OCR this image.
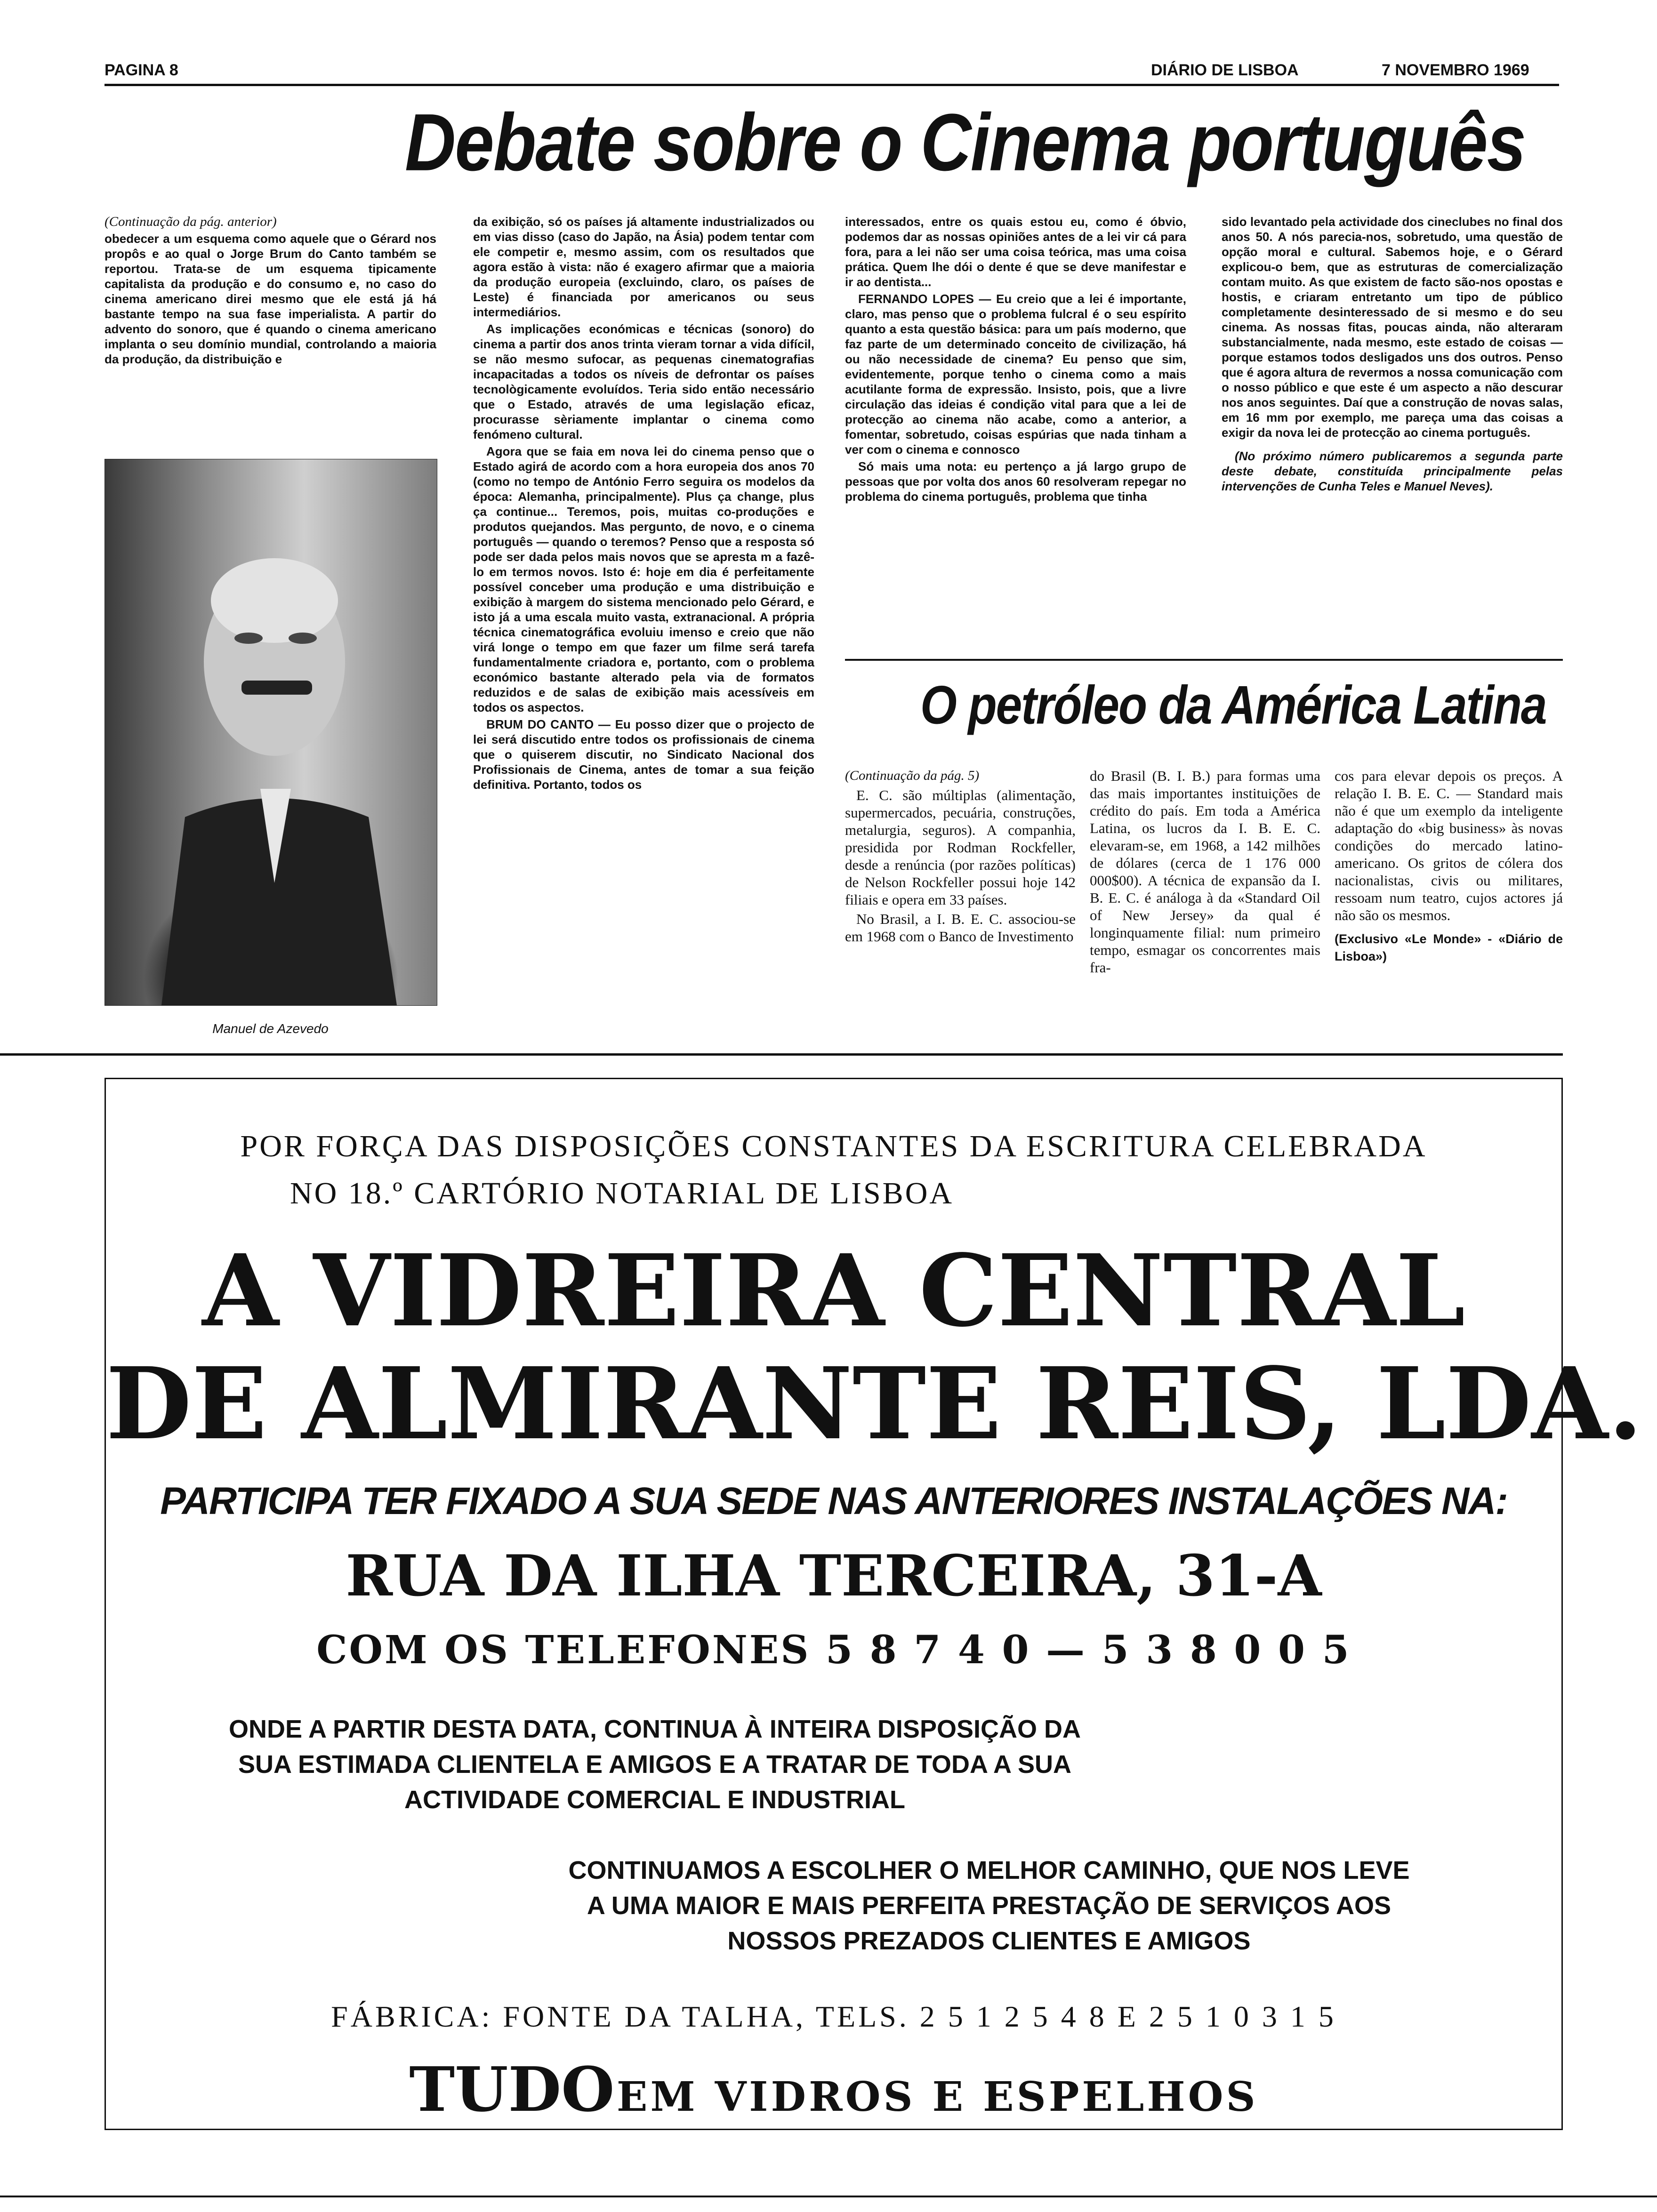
PAGINA 8	DIÁRIO DE LISBOA	7 NOVEMBRO 1969
Debate sobre o Cinema português

(Continuação da pág. anterior)

obedecer a um esquema como aquele que o Gérard nos propôs e ao qual o Jorge Brum do Canto também se reportou. Trata-se de um esquema tipicamente capitalista da produção e do consumo e, no caso do cinema americano direi mesmo que ele está já há bastante tempo na sua fase imperialista. A partir do advento do sonoro, que é quando o cinema americano implanta o seu domínio mundial, controlando a maioria da produção, da distribuição e

Manuel de Azevedo

da exibição, só os países já altamente industrializados ou em vias disso (caso do Japão, na Ásia) podem tentar com ele competir e, mesmo assim, com os resultados que agora estão à vista: não é exagero afirmar que a maioria da produção europeia (excluindo, claro, os países de Leste) é financiada por americanos ou seus intermediários.

As implicações económicas e técnicas (sonoro) do cinema a partir dos anos trinta vieram tornar a vida difícil, se não mesmo sufocar, as pequenas cinematografias incapacitadas a todos os níveis de defrontar os países tecnològicamente evoluídos. Teria sido então necessário que o Estado, através de uma legislação eficaz, procurasse sèriamente implantar o cinema como fenómeno cultural.

Agora que se faia em nova lei do cinema penso que o Estado agirá de acordo com a hora europeia dos anos 70 (como no tempo de António Ferro seguira os modelos da época: Alemanha, principalmente). Plus ça change, plus ça continue... Teremos, pois, muitas co-produções e produtos quejandos. Mas pergunto, de novo, e o cinema português — quando o teremos? Penso que a resposta só pode ser dada pelos mais novos que se apresta m a fazê-lo em termos novos. Isto é: hoje em dia é perfeitamente possível conceber uma produção e uma distribuição e exibição à margem do sistema mencionado pelo Gérard, e isto já a uma escala muito vasta, extranacional. A própria técnica cinematográfica evoluiu imenso e creio que não virá longe o tempo em que fazer um filme será tarefa fundamentalmente criadora e, portanto, com o problema económico bastante alterado pela via de formatos reduzidos e de salas de exibição mais acessíveis em todos os aspectos.

BRUM DO CANTO — Eu posso dizer que o projecto de lei será discutido entre todos os profissionais de cinema que o quiserem discutir, no Sindicato Nacional dos Profissionais de Cinema, antes de tomar a sua feição definitiva. Portanto, todos os

interessados, entre os quais estou eu, como é óbvio, podemos dar as nossas opiniões antes de a lei vir cá para fora, para a lei não ser uma coisa teórica, mas uma coisa prática. Quem lhe dói o dente é que se deve manifestar e ir ao dentista...

FERNANDO LOPES — Eu creio que a lei é importante, claro, mas penso que o problema fulcral é o seu espírito quanto a esta questão básica: para um país moderno, que faz parte de um determinado conceito de civilização, há ou não necessidade de cinema? Eu penso que sim, evidentemente, porque tenho o cinema como a mais acutilante forma de expressão. Insisto, pois, que a livre circulação das ideias é condição vital para que a lei de protecção ao cinema não acabe, como a anterior, a fomentar, sobretudo, coisas espúrias que nada tinham a ver com o cinema e connosco

Só mais uma nota: eu pertenço a já largo grupo de pessoas que por volta dos anos 60 resolveram repegar no problema do cinema português, problema que tinha

sido levantado pela actividade dos cineclubes no final dos anos 50. A nós parecia-nos, sobretudo, uma questão de opção moral e cultural. Sabemos hoje, e o Gérard explicou-o bem, que as estruturas de comercialização contam muito. As que existem de facto são-nos opostas e hostis, e criaram entretanto um tipo de público completamente desinteressado de si mesmo e do seu cinema. As nossas fitas, poucas ainda, não alteraram substancialmente, nada mesmo, este estado de coisas — porque estamos todos desligados uns dos outros. Penso que é agora altura de revermos a nossa comunicação com o nosso público e que este é um aspecto a não descurar nos anos seguintes. Daí que a construção de novas salas, em 16 mm por exemplo, me pareça uma das coisas a exigir da nova lei de protecção ao cinema português.

(No próximo número publicaremos a segunda parte deste debate, constituída principalmente pelas intervenções de Cunha Teles e Manuel Neves).

O petróleo da América Latina

(Continuação da pág. 5)

E. C. são múltiplas (alimentação, supermercados, pecuária, construções, metalurgia, seguros). A companhia, presidida por Rodman Rockfeller, desde a renúncia (por razões políticas) de Nelson Rockfeller possui hoje 142 filiais e opera em 33 países.

No Brasil, a I. B. E. C. associou-se em 1968 com o Banco de Investimento

do Brasil (B. I. B.) para formas uma das mais importantes instituições de crédito do país. Em toda a América Latina, os lucros da I. B. E. C. elevaram-se, em 1968, a 142 milhões de dólares (cerca de 1 176 000 000$00). A técnica de expansão da I. B. E. C. é análoga à da «Standard Oil of New Jersey» da qual é longinquamente filial: num primeiro tempo, esmagar os concorrentes mais fra-

cos para elevar depois os preços. A relação I. B. E. C. — Standard mais não é que um exemplo da inteligente adaptação do «big business» às novas condições do mercado latino-americano. Os gritos de cólera dos nacionalistas, civis ou militares, ressoam num teatro, cujos actores já não são os mesmos.

(Exclusivo «Le Monde» - «Diário de Lisboa»)

POR FORÇA DAS DISPOSIÇÕES CONSTANTES DA ESCRITURA CELEBRADA
NO 18.º CARTÓRIO NOTARIAL DE LISBOA
A VIDREIRA CENTRAL
DE ALMIRANTE REIS, LDA.
PARTICIPA TER FIXADO A SUA SEDE NAS ANTERIORES INSTALAÇÕES NA:
RUA DA ILHA TERCEIRA, 31-A
COM OS TELEFONES 5 8 7 4 0 — 5 3 8 0 0 5
ONDE A PARTIR DESTA DATA, CONTINUA À INTEIRA DISPOSIÇÃO DA
SUA ESTIMADA CLIENTELA E AMIGOS E A TRATAR DE TODA A SUA
ACTIVIDADE COMERCIAL E INDUSTRIAL
CONTINUAMOS A ESCOLHER O MELHOR CAMINHO, QUE NOS LEVE
A UMA MAIOR E MAIS PERFEITA PRESTAÇÃO DE SERVIÇOS AOS
NOSSOS PREZADOS CLIENTES E AMIGOS
FÁBRICA: FONTE DA TALHA, TELS. 2 5 1 2 5 4 8 E 2 5 1 0 3 1 5
TUDO EM VIDROS E ESPELHOS
